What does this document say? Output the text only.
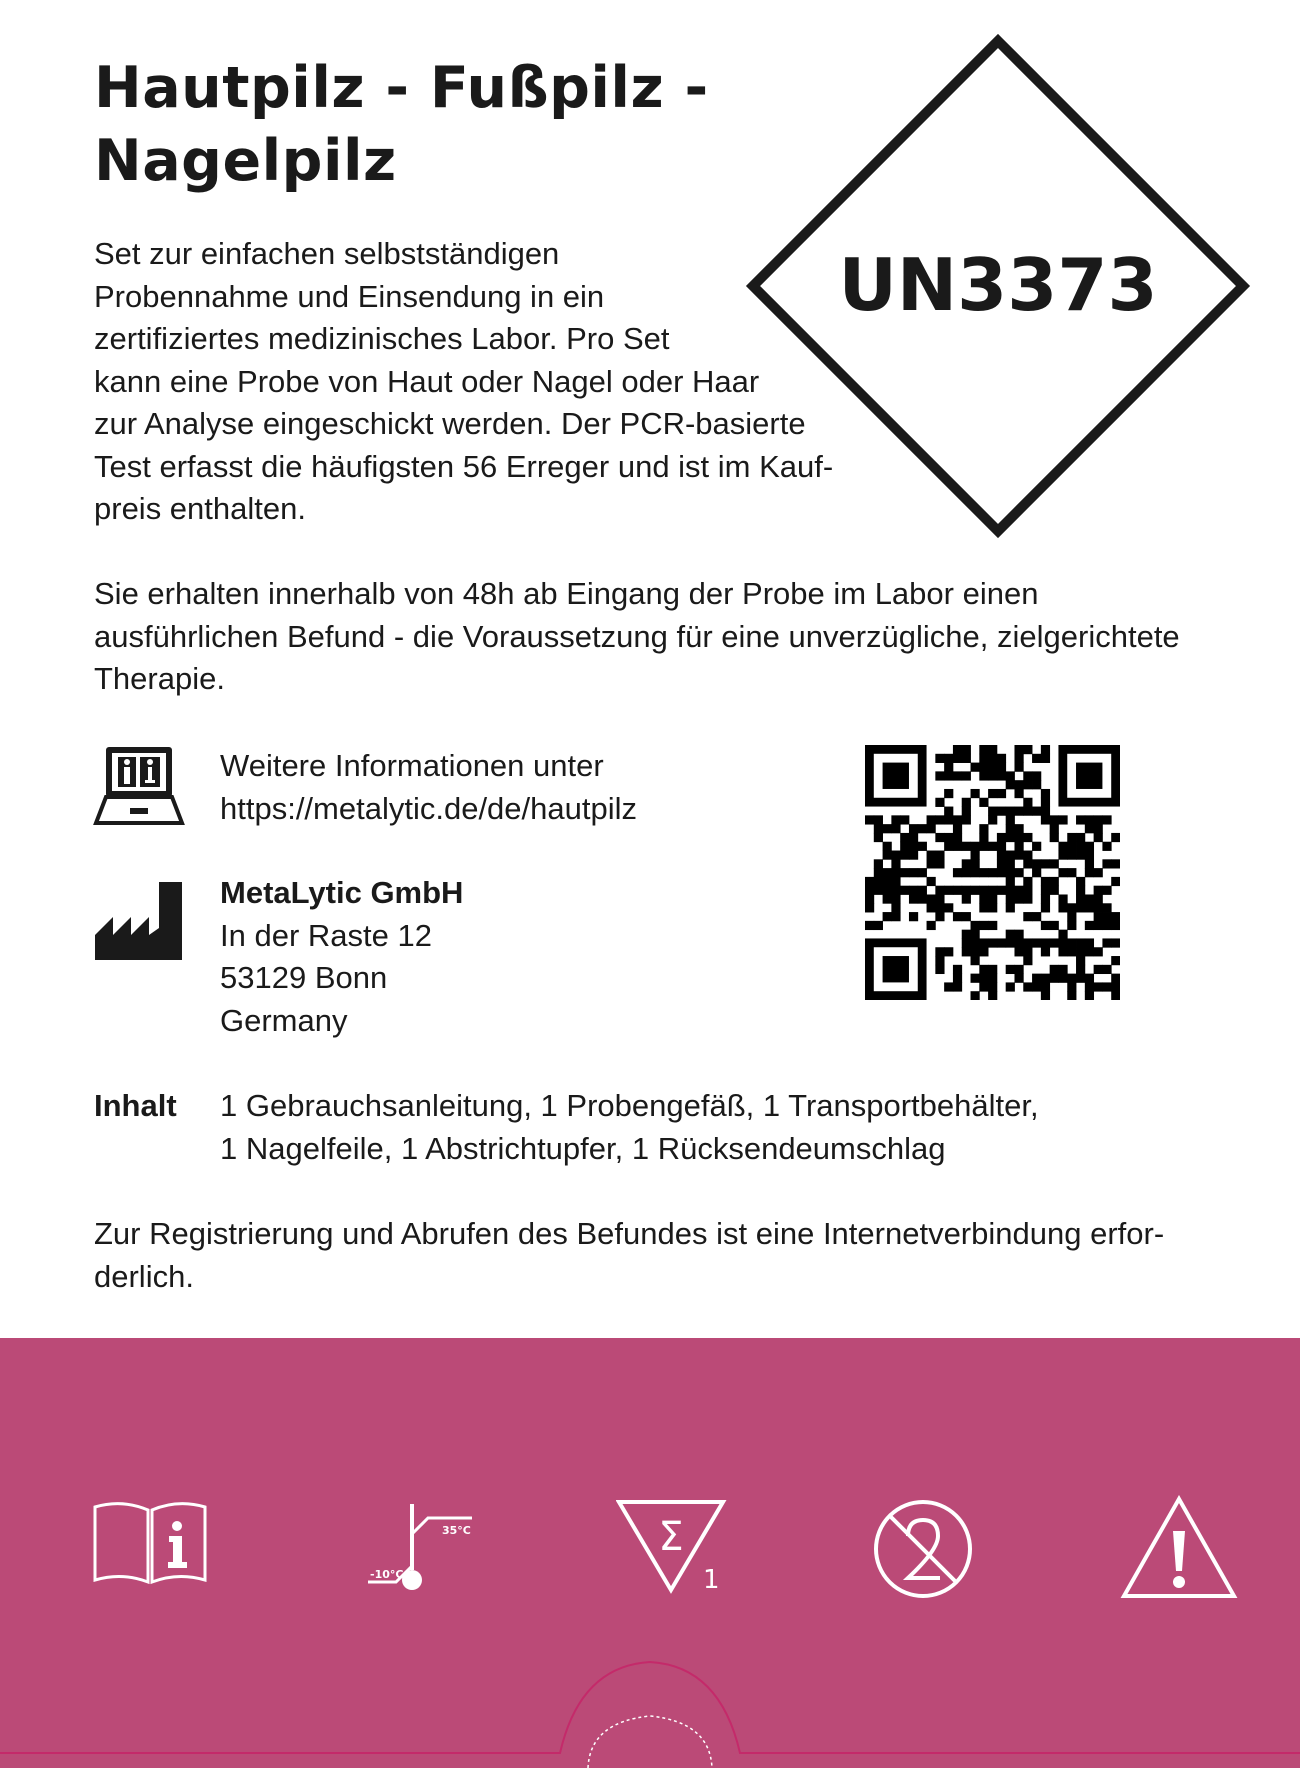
Hautpilz - Fußpilz -
Nagelpilz
UN3373
Set zur einfachen selbstständigen
Probennahme und Einsendung in ein
zertifiziertes medizinisches Labor. Pro Set
kann eine Probe von Haut oder Nagel oder Haar
zur Analyse eingeschickt werden. Der PCR-basierte
Test erfasst die häufigsten 56 Erreger und ist im Kauf-
preis enthalten.
Sie erhalten innerhalb von 48h ab Eingang der Probe im Labor einen
ausführlichen Befund - die Voraussetzung für eine unverzügliche, zielgerichtete
Therapie.
Weitere Informationen unter
https://metalytic.de/de/hautpilz
MetaLytic GmbH
In der Raste 12
53129 Bonn
Germany
Inhalt 1 Gebrauchsanleitung, 1 Probengefäß, 1 Transportbehälter,
1 Nagelfeile, 1 Abstrichtupfer, 1 Rücksendeumschlag
Zur Registrierung und Abrufen des Befundes ist eine Internetverbindung erfor-
derlich.
35°C
-10°C
Σ
1
